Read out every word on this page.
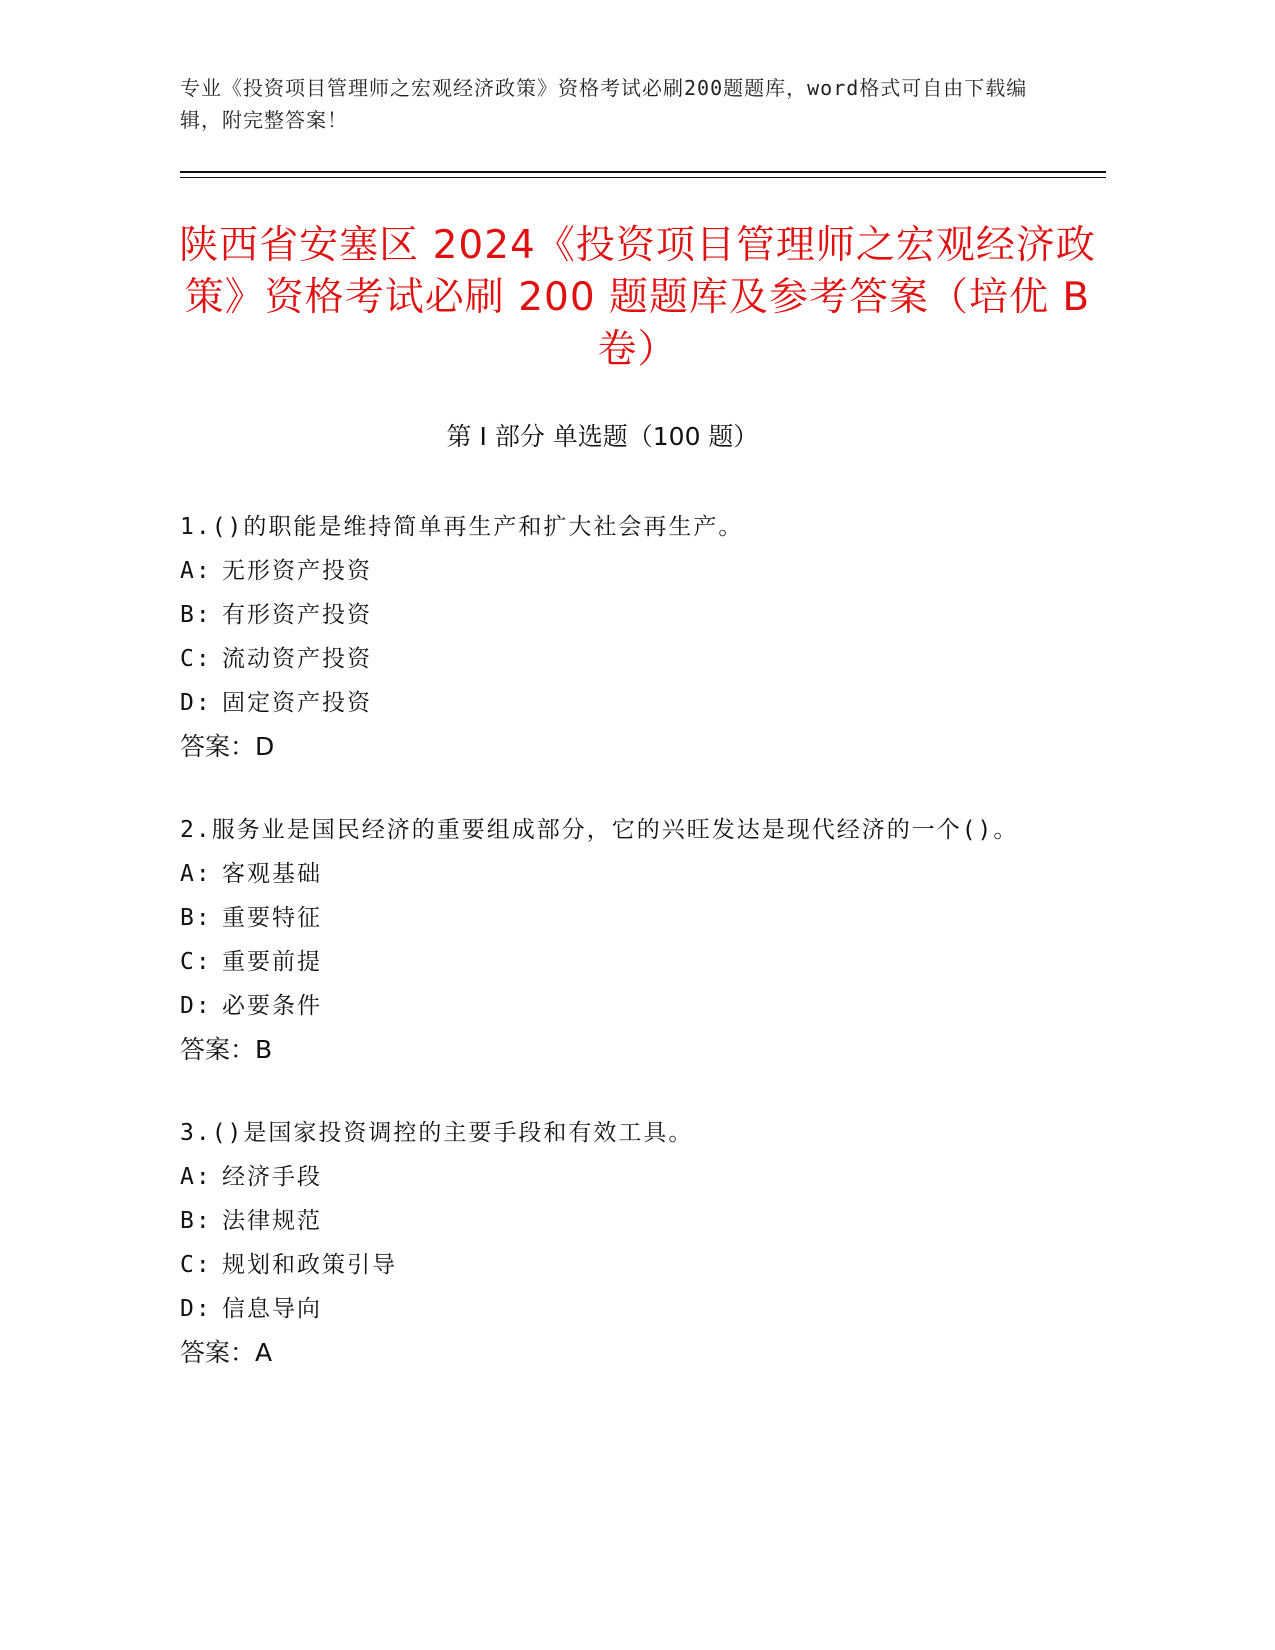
专业《投资项目管理师之宏观经济政策》资格考试必刷200题题库，word格式可自由下载编辑，附完整答案！
陕西省安塞区 2024《投资项目管理师之宏观经济政策》资格考试必刷 200 题题库及参考答案（培优 B 卷）
第 I 部分 单选题（100 题）
1.()的职能是维持简单再生产和扩大社会再生产。
A: 无形资产投资
B: 有形资产投资
C: 流动资产投资
D: 固定资产投资
答案：D
2.服务业是国民经济的重要组成部分，它的兴旺发达是现代经济的一个()。
A: 客观基础
B: 重要特征
C: 重要前提
D: 必要条件
答案：B
3.()是国家投资调控的主要手段和有效工具。
A: 经济手段
B: 法律规范
C: 规划和政策引导
D: 信息导向
答案：A
